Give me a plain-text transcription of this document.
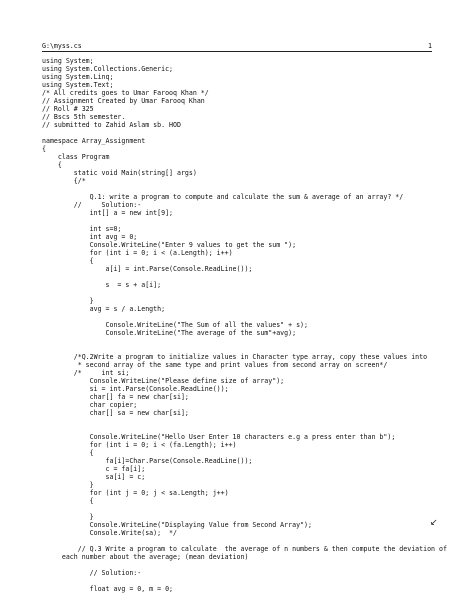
G:\myss.cs	1
using System;
using System.Collections.Generic;
using System.Linq;
using System.Text;
/* All credits goes to Umar Farooq Khan */
// Assignment Created by Umar Farooq Khan
// Roll # 325
// Bscs 5th semester.
// submitted to Zahid Aslam sb. HOD
namespace Array_Assignment
{
class Program
{
static void Main(string[] args)
{/*
Q.1: write a program to compute and calculate the sum & average of an array? */
//     Solution:-
int[] a = new int[9];
int s=0;
int avg = 0;
Console.WriteLine("Enter 9 values to get the sum ");
for (int i = 0; i < (a.Length); i++)
{
a[i] = int.Parse(Console.ReadLine());
s  = s + a[i];
}
avg = s / a.Length;
Console.WriteLine("The Sum of all the values" + s);
Console.WriteLine("The average of the sum"+avg);
/*Q.2Write a program to initialize values in Character type array, copy these values into
* second array of the same type and print values from second array on screen*/
/*     int si;
Console.WriteLine("Please define size of array");
si = int.Parse(Console.ReadLine());
char[] fa = new char[si];
char copier;
char[] sa = new char[si];
Console.WriteLine("Hello User Enter 10 characters e.g a press enter than b");
for (int i = 0; i < (fa.Length); i++)
{
fa[i]=Char.Parse(Console.ReadLine());
c = fa[i];
sa[i] = c;
}
for (int j = 0; j < sa.Length; j++)
{
}
Console.WriteLine("Displaying Value from Second Array");
Console.Write(sa);  */
// Q.3 Write a program to calculate  the average of n numbers & then compute the deviation of
each number about the average; (mean deviation)
// Solution:-
float avg = 0, m = 0;
↙
